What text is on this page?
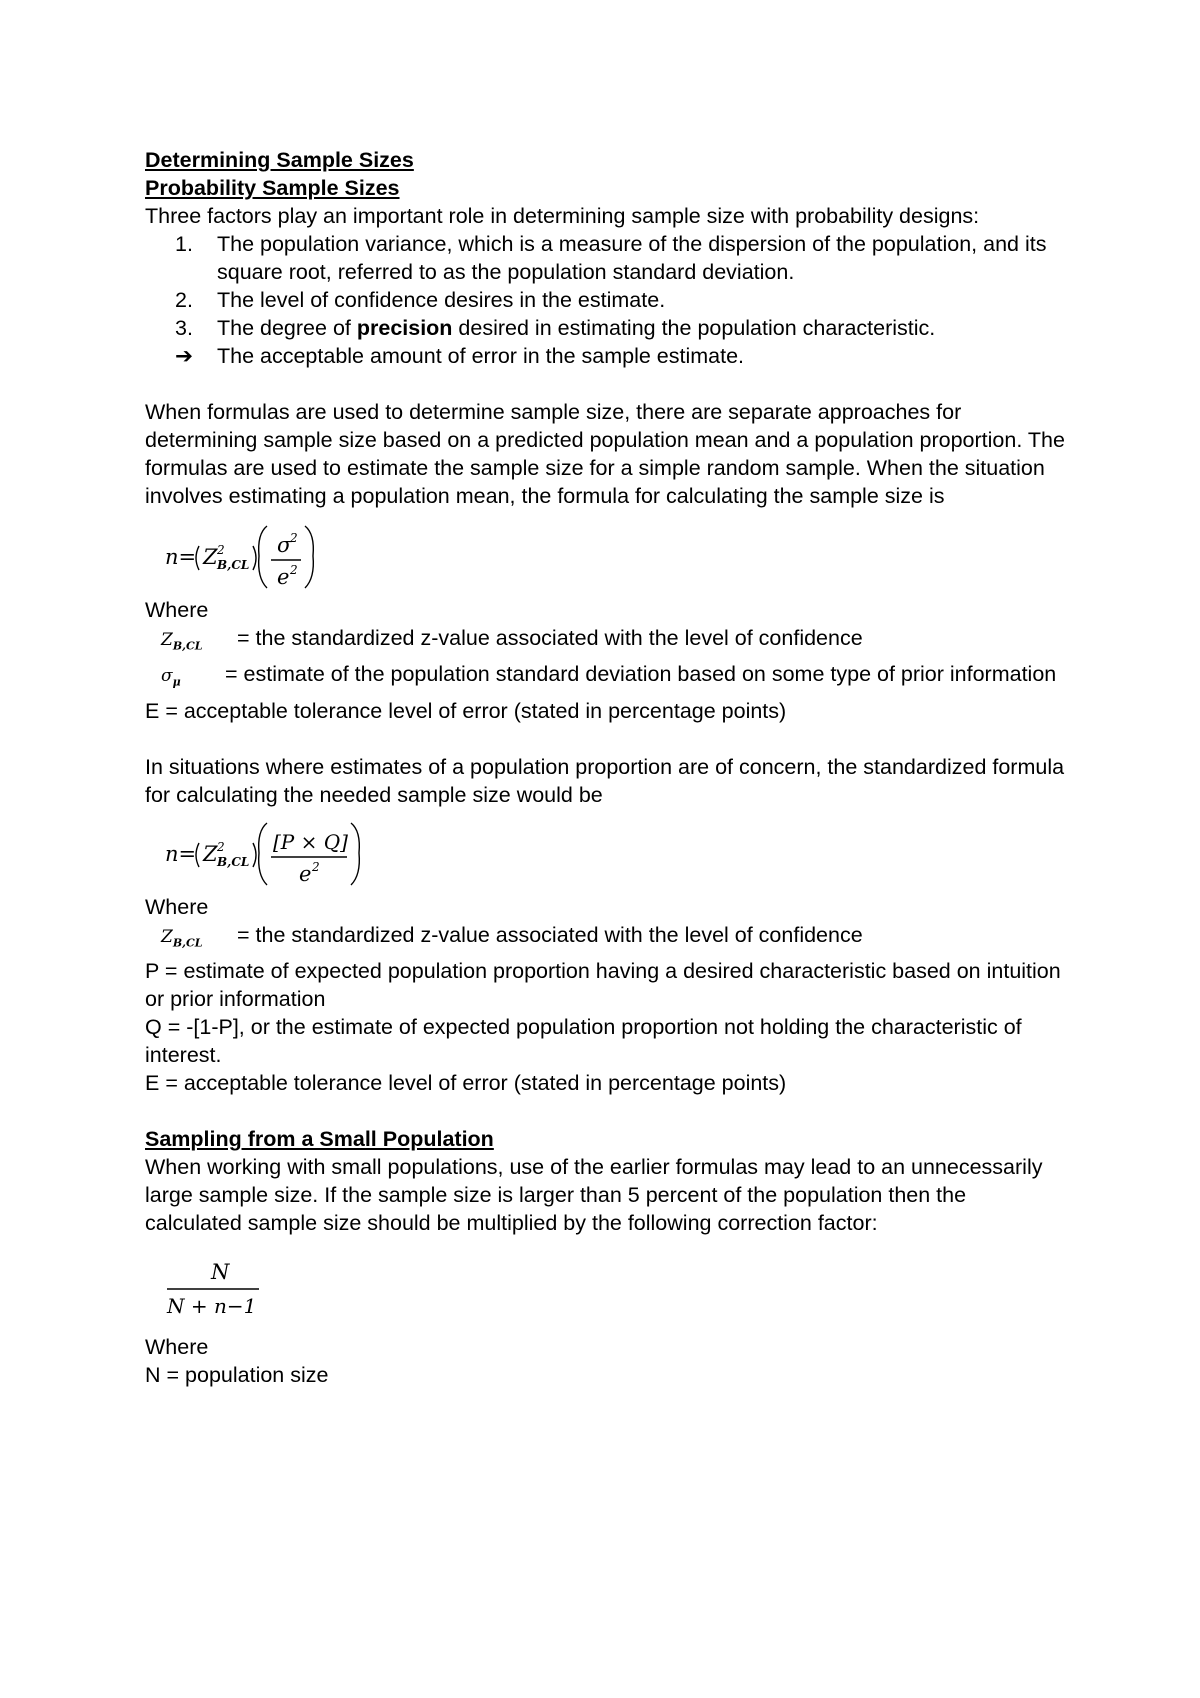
Determining Sample Sizes

Probability Sample Sizes

Three factors play an important role in determining sample size with probability designs:

1. The population variance, which is a measure of the dispersion of the population, and its square root, referred to as the population standard deviation.
2. The level of confidence desires in the estimate.
3. The degree of precision desired in estimating the population characteristic.
➔ The acceptable amount of error in the sample estimate.

When formulas are used to determine sample size, there are separate approaches for determining sample size based on a predicted population mean and a population proportion. The formulas are used to estimate the sample size for a simple random sample. When the situation involves estimating a population mean, the formula for calculating the sample size is

n= Z 2
B,CL
σ
2
e 2

Where

$Z_{B,CL}$ = the standardized z-value associated with the level of confidence

$\sigma_\mu$ = estimate of the population standard deviation based on some type of prior information

E = acceptable tolerance level of error (stated in percentage points)

In situations where estimates of a population proportion are of concern, the standardized formula for calculating the needed sample size would be

n= Z 2
B,CL
[P × Q]
e 2

Where

$Z_{B,CL}$ = the standardized z-value associated with the level of confidence

P = estimate of expected population proportion having a desired characteristic based on intuition or prior information

Q = -[1-P], or the estimate of expected population proportion not holding the characteristic of interest.

E = acceptable tolerance level of error (stated in percentage points)

Sampling from a Small Population

When working with small populations, use of the earlier formulas may lead to an unnecessarily large sample size. If the sample size is larger than 5 percent of the population then the calculated sample size should be multiplied by the following correction factor:

N
N + n−1

Where

N = population size
